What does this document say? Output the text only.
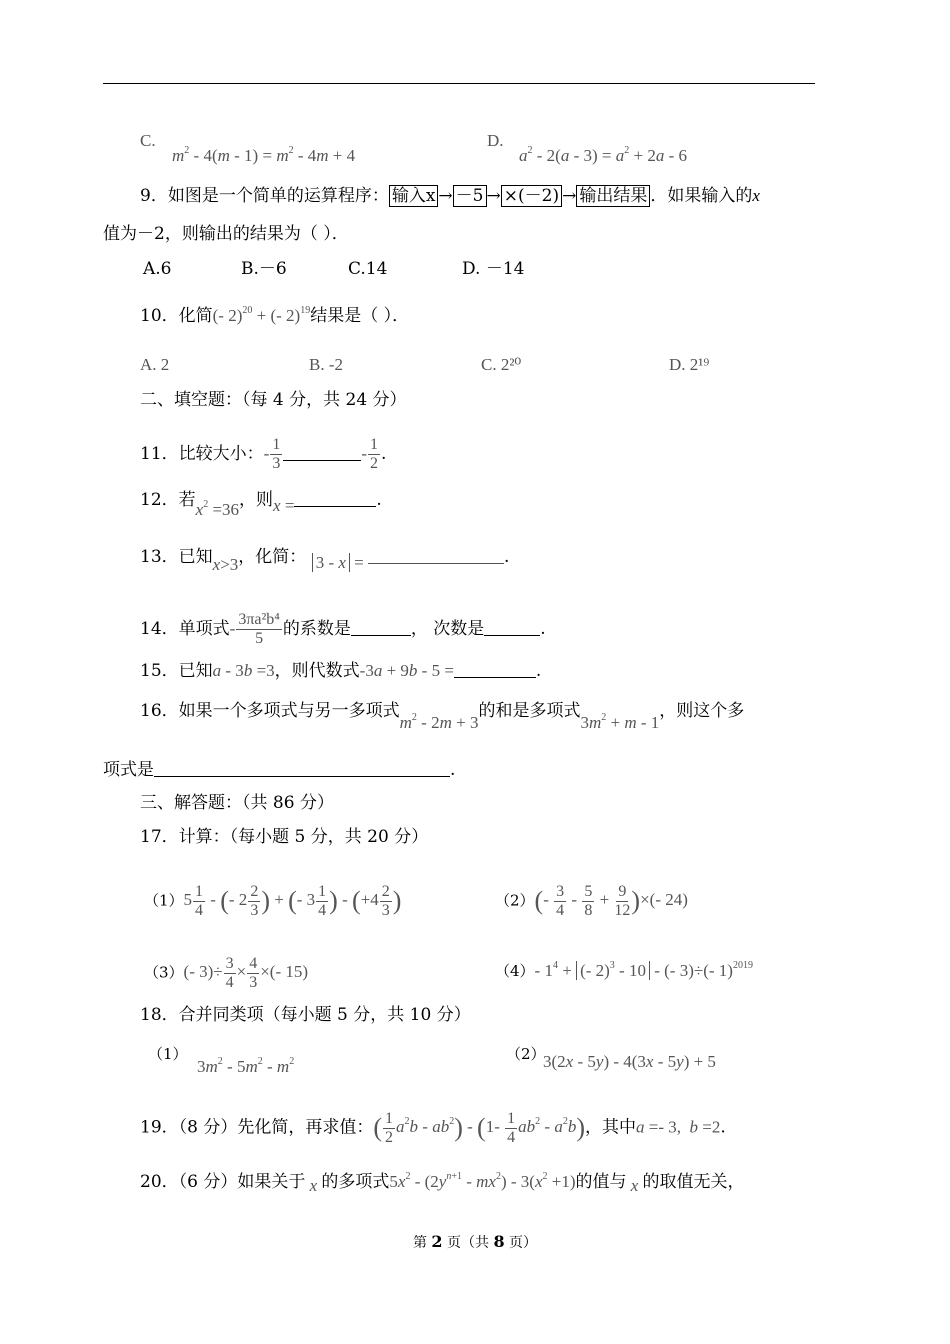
C.
$m^2 - 4(m - 1) = m^2 - 4m + 4$
D.
$a^2 - 2(a - 3) = a^2 + 2a - 6$
9．如图是一个简单的运算程序： 输入x → －5 → ×(－2) → 输出结果 ．如果输入的x
值为－2，则输出的结果为（ ）．
A.6	B.－6	C.14	D. －14
10．化简(- 2)$^{20}$ + (- 2)$^{19}$结果是（ ）．
A. 2	B. -2	C. 2²⁰	D. 2¹⁹
二、填空题：（每 4 分，共 24 分）
11．比较大小：- $\frac{1}{3}$	- $\frac{1}{2}$ .
12．若$x^2 =36$，则x =	.
13．已知x>3，化简： 3 - x =	.
14．单项式- $\frac{\text{3πa²b⁴}}{5}$ 的系数是	， 次数是	.
15．已知a - 3b =3，则代数式-3a + 9b - 5 =	.
16．如果一个多项式与另一多项式$m^2 - 2m + 3$的和是多项式$3m^2 + m - 1$，则这个多
项式是	.
三、解答题：（共 86 分）
17．计算：（每小题 5 分，共 20 分）
$(1)5 \frac{1}{4}$ - (- $2 \frac{2}{3}$ ) + (- $3 \frac{1}{4}$ ) - ($+4 \frac{2}{3}$ )	$(2)(- \frac{3}{4} - \frac{5}{8} + \frac{9}{12}$ )×(- 24)
（3）(- $3)\div \frac{3}{4} \times \frac{4}{3}$ ×(- 15)	（4）- $1^4$ + (- 2)$^3$ - 10 - (- 3)÷(- 1)$^{2019}$
18．合并同类项（每小题 5 分，共 10 分）
（1）
$3m^2 - 5m^2 - m^2$	（2）
3(2x - 5y) - 4(3x - 5y) + 5
19．（8 分）先化简，再求值：( $\frac{1}{2} a^2b - ab^2) - (1- \frac{1}{4} ab^2 - a^2b)$，其中a =- 3,  b =2.
20．（6 分）如果关于 x 的多项式$5x^2 - (2y^{n+1} - mx^2) - 3(x^2 +1)$的值与 x 的取值无关，
第 2 页（共 8 页）
